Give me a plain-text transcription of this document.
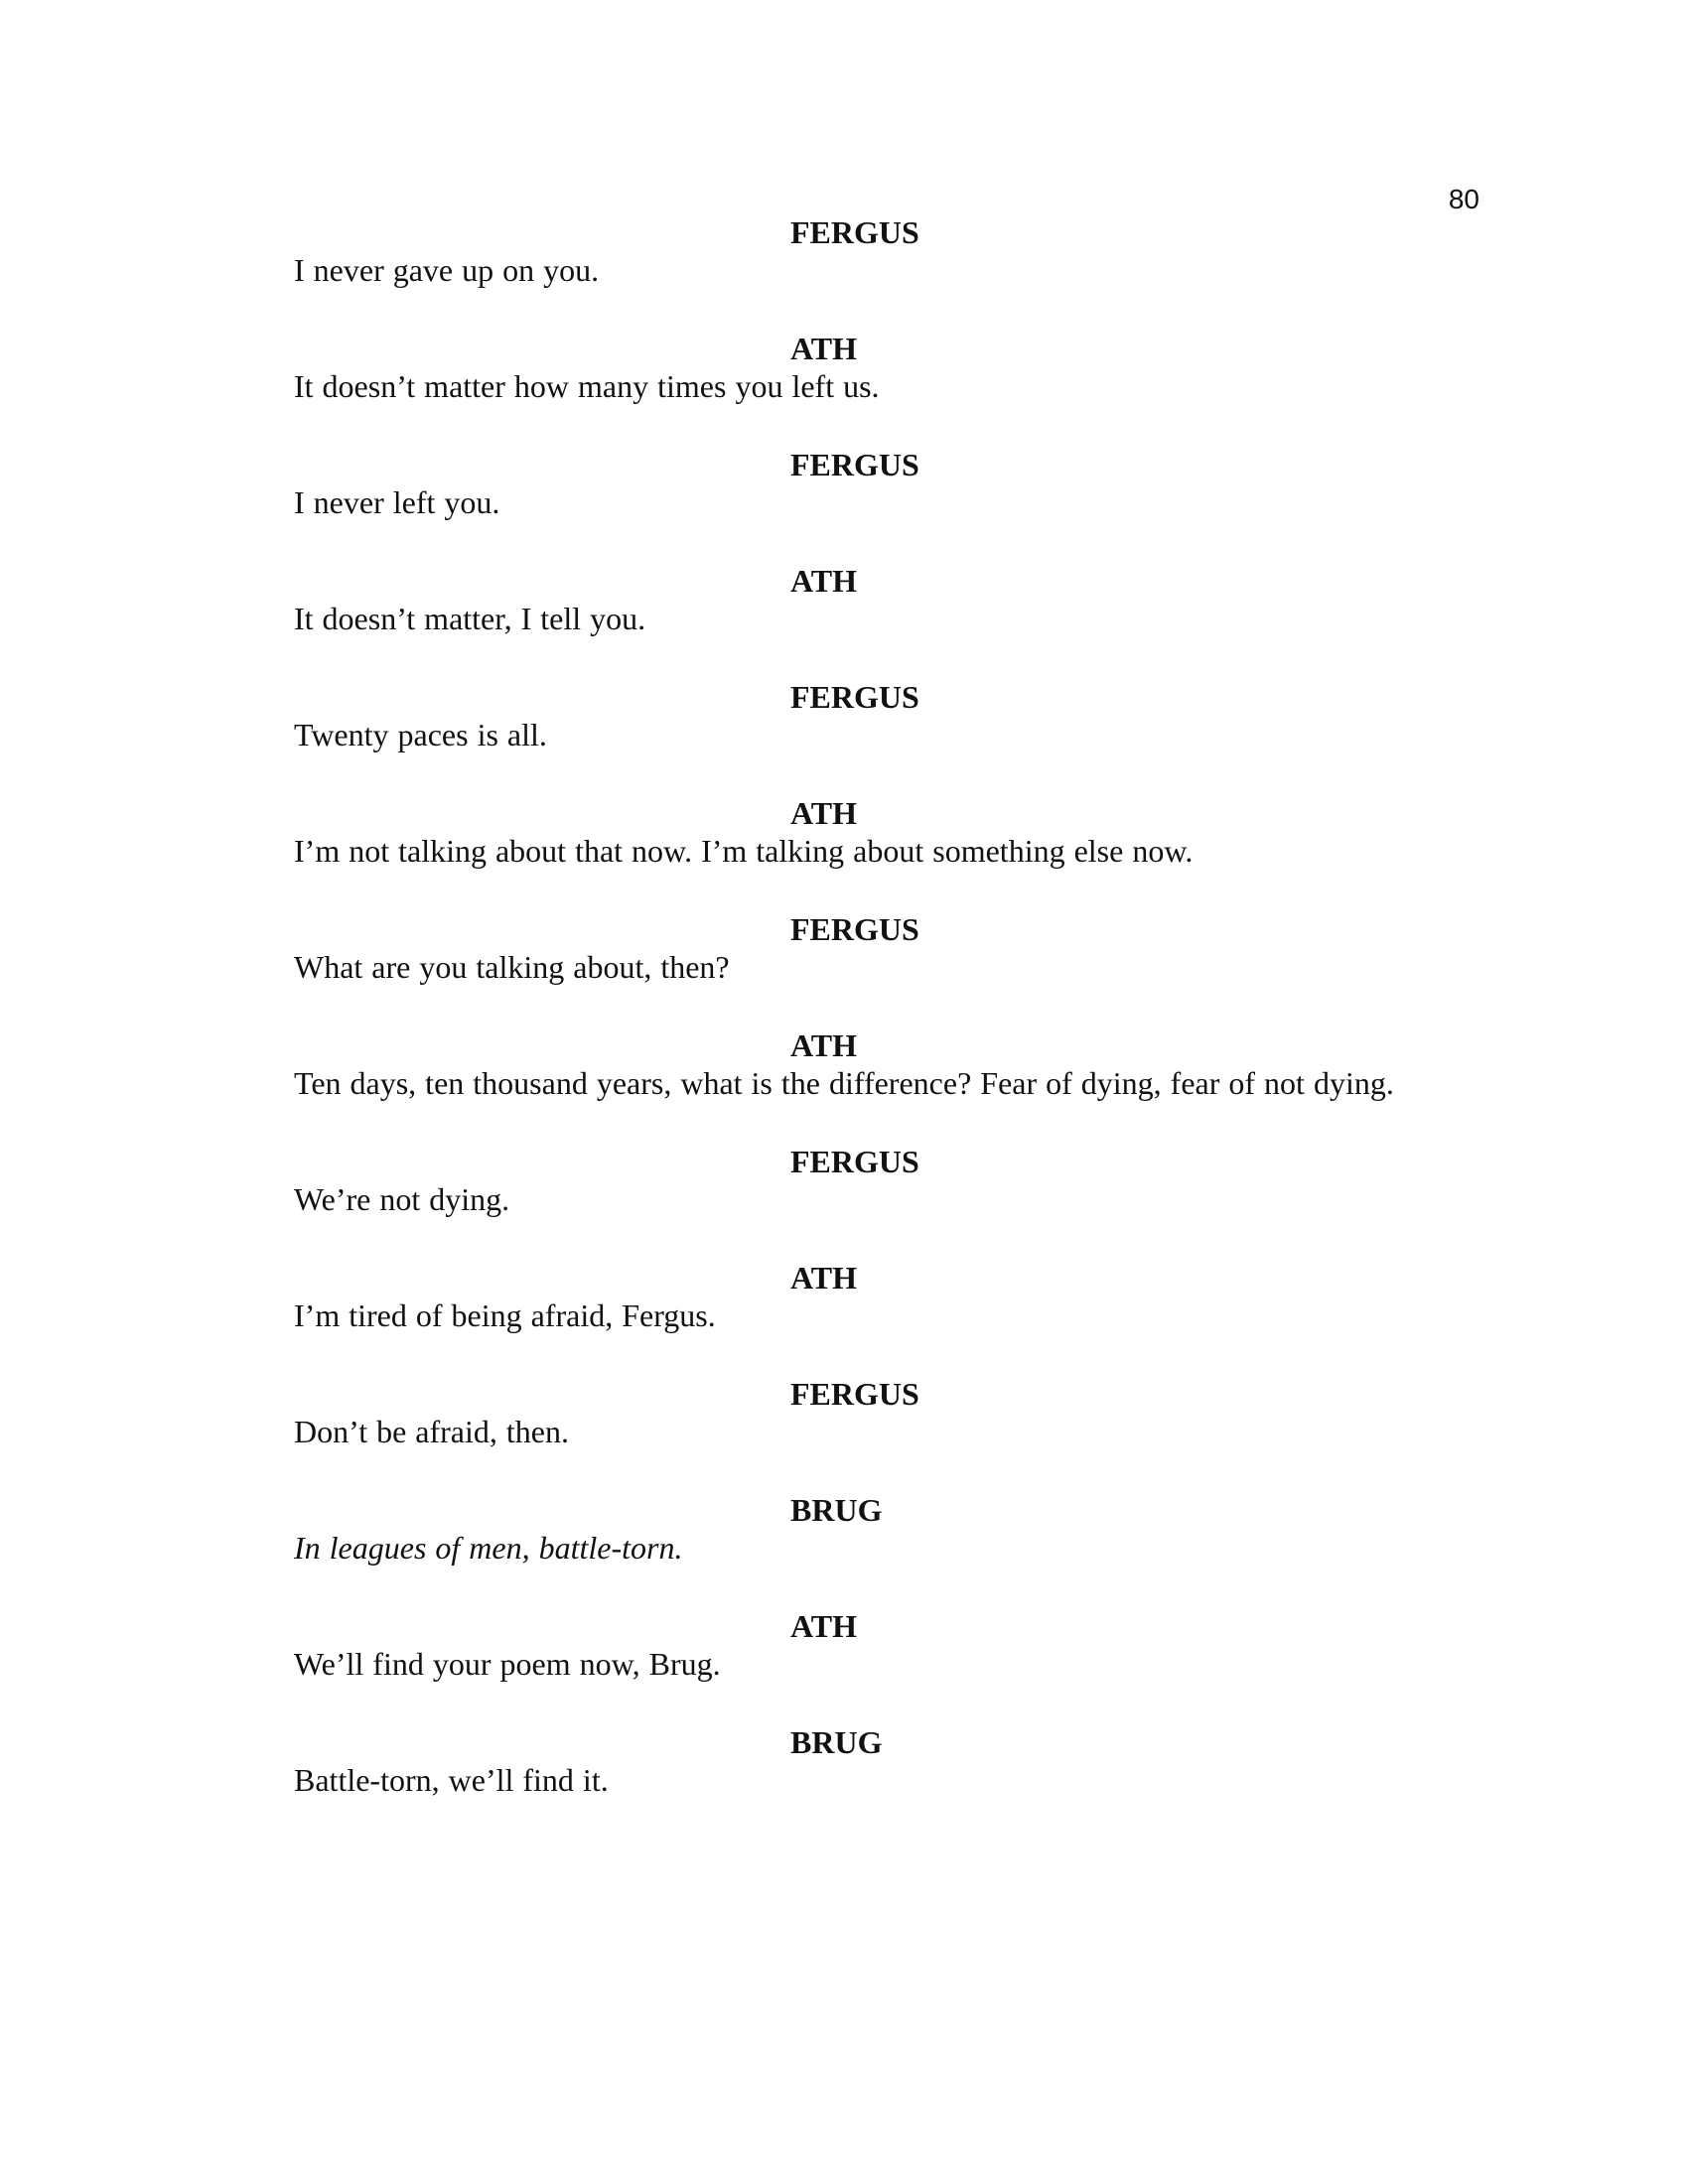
80

FERGUS

I never gave up on you.

ATH

It doesn’t matter how many times you left us.

FERGUS

I never left you.

ATH

It doesn’t matter, I tell you.

FERGUS

Twenty paces is all.

ATH

I’m not talking about that now. I’m talking about something else now.

FERGUS

What are you talking about, then?

ATH

Ten days, ten thousand years, what is the difference? Fear of dying, fear of not dying.

FERGUS

We’re not dying.

ATH

I’m tired of being afraid, Fergus.

FERGUS

Don’t be afraid, then.

BRUG

In leagues of men, battle-torn.

ATH

We’ll find your poem now, Brug.

BRUG

Battle-torn, we’ll find it.
